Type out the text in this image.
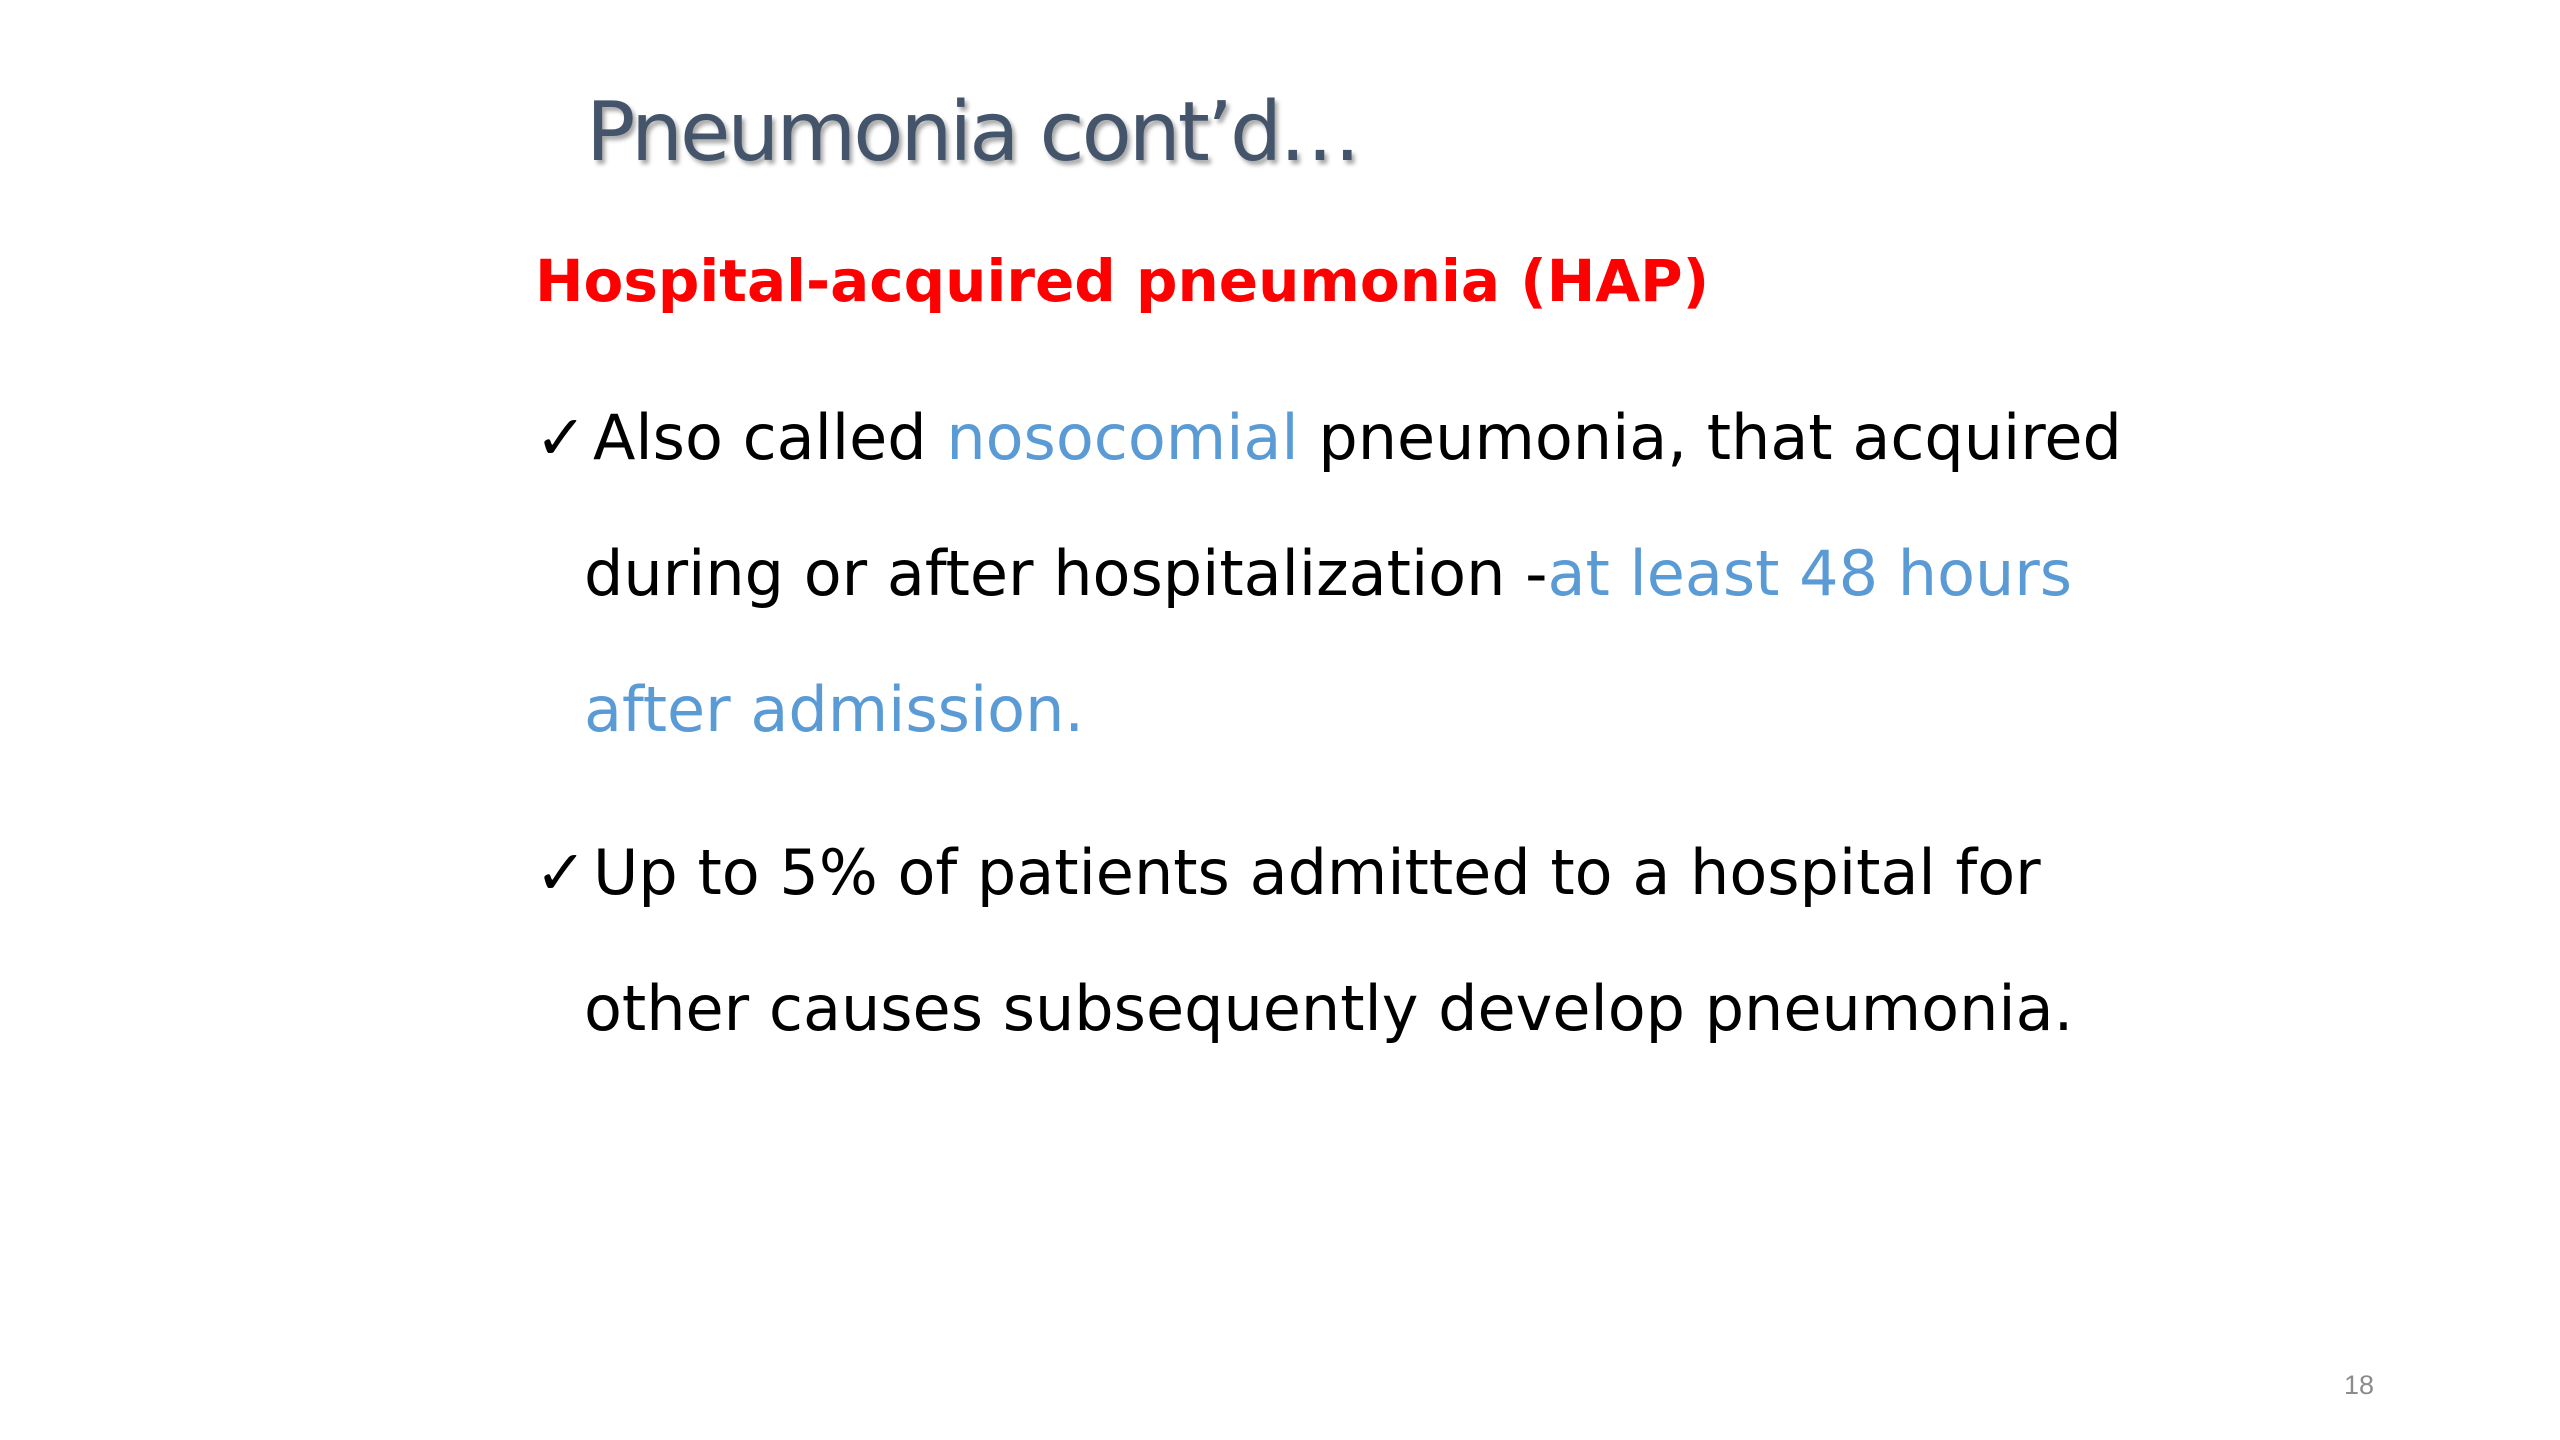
Pneumonia cont’d…
Hospital-acquired pneumonia (HAP)
✓Also called nosocomial pneumonia, that acquired
during or after hospitalization -at least 48 hours
after admission.
✓Up to 5% of patients admitted to a hospital for
other causes subsequently develop pneumonia.
18
